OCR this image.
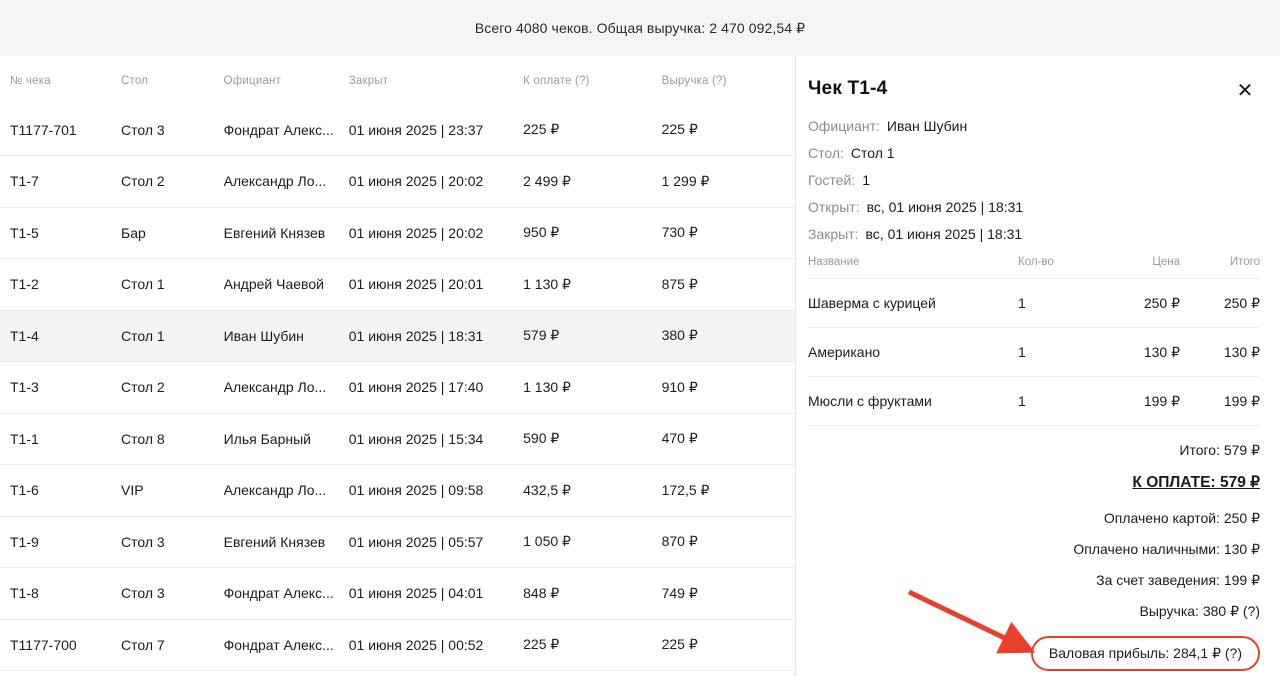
Всего 4080 чеков. Общая выручка: 2 470 092,54 ₽
№ чека	Стол	Официант	Закрыт	К оплате (?)	Выручка (?)
T1177-701	Стол 3	Фондрат Алекс...	01 июня 2025 | 23:37	225 ₽	225 ₽
T1-7	Стол 2	Александр Ло...	01 июня 2025 | 20:02	2 499 ₽	1 299 ₽
T1-5	Бар	Евгений Князев	01 июня 2025 | 20:02	950 ₽	730 ₽
T1-2	Стол 1	Андрей Чаевой	01 июня 2025 | 20:01	1 130 ₽	875 ₽
T1-4	Стол 1	Иван Шубин	01 июня 2025 | 18:31	579 ₽	380 ₽
T1-3	Стол 2	Александр Ло...	01 июня 2025 | 17:40	1 130 ₽	910 ₽
T1-1	Стол 8	Илья Барный	01 июня 2025 | 15:34	590 ₽	470 ₽
T1-6	VIP	Александр Ло...	01 июня 2025 | 09:58	432,5 ₽	172,5 ₽
T1-9	Стол 3	Евгений Князев	01 июня 2025 | 05:57	1 050 ₽	870 ₽
T1-8	Стол 3	Фондрат Алекс...	01 июня 2025 | 04:01	848 ₽	749 ₽
T1177-700	Стол 7	Фондрат Алекс...	01 июня 2025 | 00:52	225 ₽	225 ₽
Чек T1-4	✕
Официант: Иван Шубин
Стол: Стол 1
Гостей: 1
Открыт: вс, 01 июня 2025 | 18:31
Закрыт: вс, 01 июня 2025 | 18:31
Название	Кол-во	Цена	Итого
Шаверма с курицей	1	250 ₽	250 ₽
Американо	1	130 ₽	130 ₽
Мюсли с фруктами	1	199 ₽	199 ₽
Итого: 579 ₽
К ОПЛАТЕ: 579 ₽
Оплачено картой: 250 ₽
Оплачено наличными: 130 ₽
За счет заведения: 199 ₽
Выручка: 380 ₽ (?)
Валовая прибыль: 284,1 ₽ (?)
